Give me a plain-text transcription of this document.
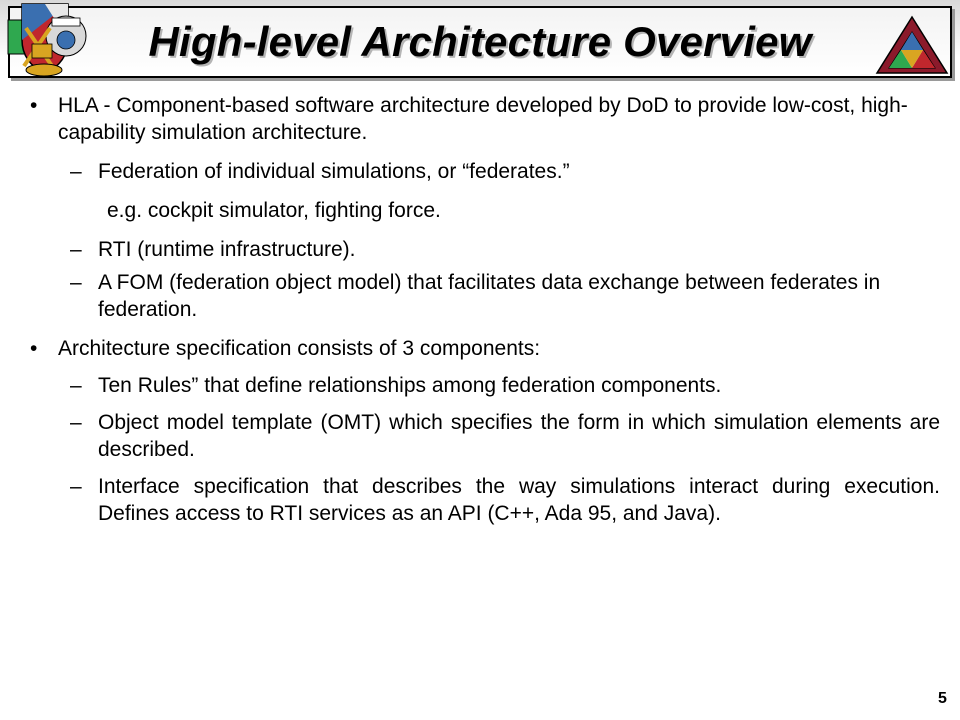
High-level Architecture Overview
• HLA - Component-based software architecture developed by DoD to provide low-cost, high-capability simulation architecture.
– Federation of individual simulations, or “federates.”
e.g. cockpit simulator, fighting force.
– RTI (runtime infrastructure).
– A FOM (federation object model) that facilitates data exchange between federates in federation.
• Architecture specification consists of 3 components:
– Ten Rules” that define relationships among federation components.
– Object model template (OMT) which specifies the form in which simulation elements are described.
– Interface specification that describes the way simulations interact during execution. Defines access to RTI services as an API (C++, Ada 95, and Java).
5
